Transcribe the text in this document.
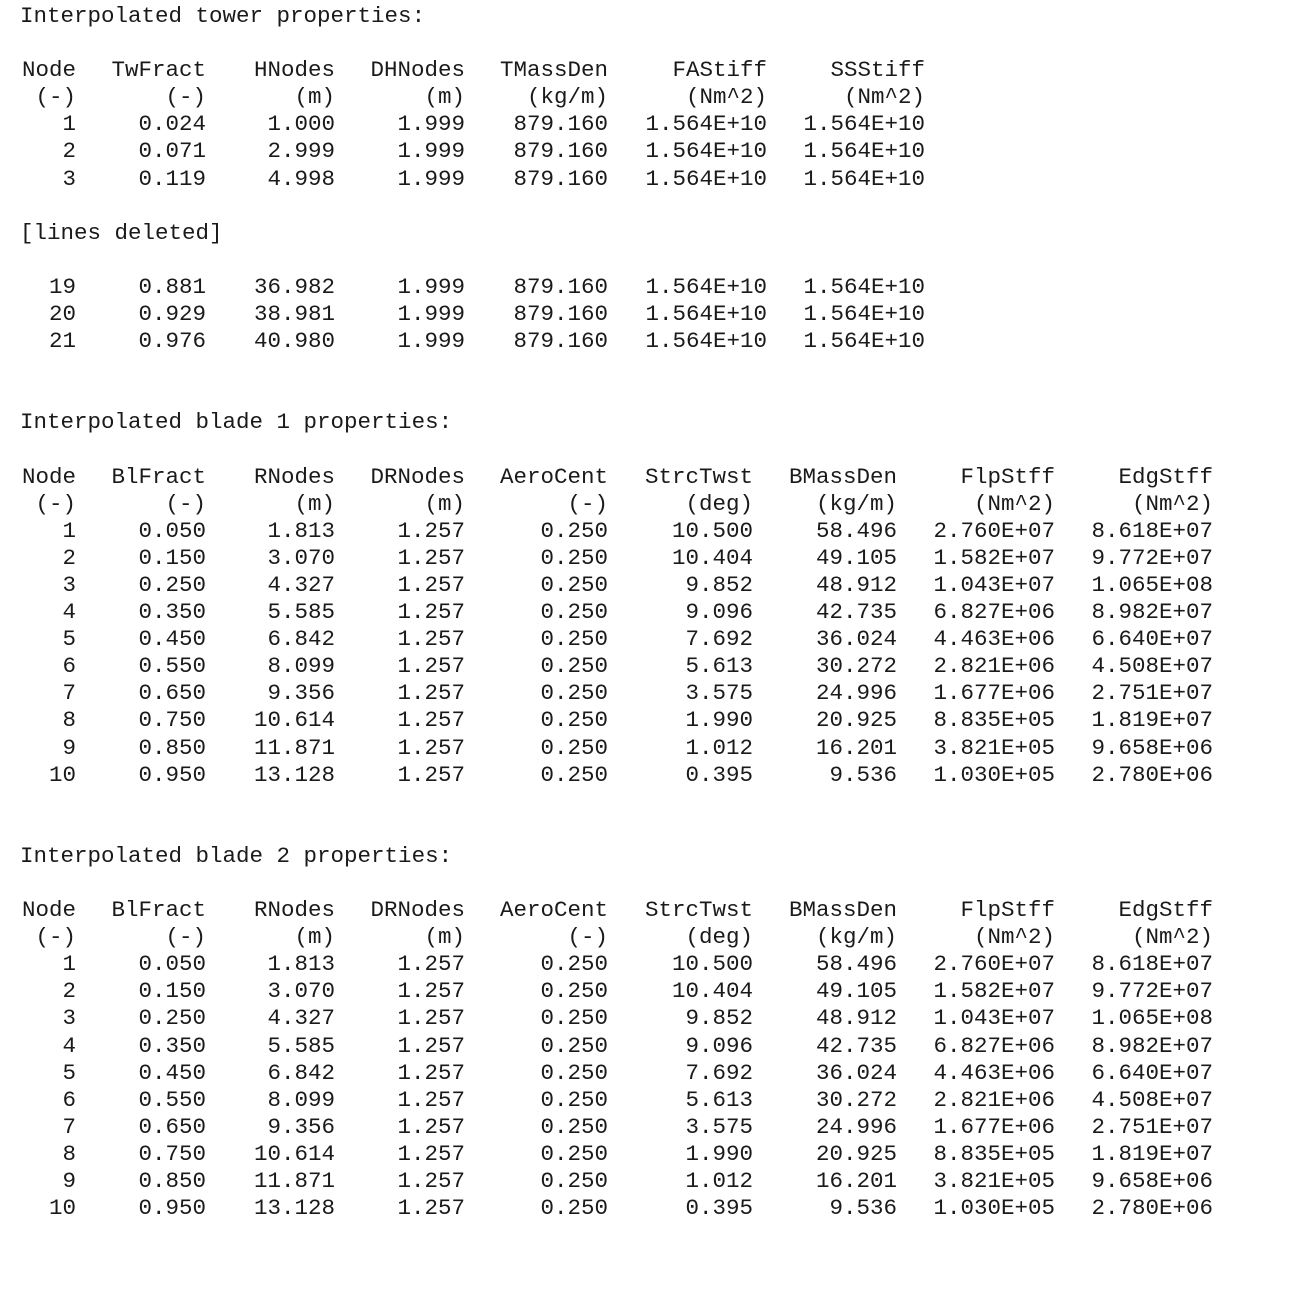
Interpolated tower properties:
Node	TwFract	HNodes	DHNodes	TMassDen	FAStiff	SSStiff
(-)	(-)	(m)	(m)	(kg/m)	(Nm^2)	(Nm^2)
1	0.024	1.000	1.999	879.160	1.564E+10	1.564E+10
2	0.071	2.999	1.999	879.160	1.564E+10	1.564E+10
3	0.119	4.998	1.999	879.160	1.564E+10	1.564E+10
[lines deleted]
19	0.881	36.982	1.999	879.160	1.564E+10	1.564E+10
20	0.929	38.981	1.999	879.160	1.564E+10	1.564E+10
21	0.976	40.980	1.999	879.160	1.564E+10	1.564E+10
Interpolated blade 1 properties:
Node	BlFract	RNodes	DRNodes	AeroCent	StrcTwst	BMassDen	FlpStff	EdgStff
(-)	(-)	(m)	(m)	(-)	(deg)	(kg/m)	(Nm^2)	(Nm^2)
1	0.050	1.813	1.257	0.250	10.500	58.496	2.760E+07	8.618E+07
2	0.150	3.070	1.257	0.250	10.404	49.105	1.582E+07	9.772E+07
3	0.250	4.327	1.257	0.250	9.852	48.912	1.043E+07	1.065E+08
4	0.350	5.585	1.257	0.250	9.096	42.735	6.827E+06	8.982E+07
5	0.450	6.842	1.257	0.250	7.692	36.024	4.463E+06	6.640E+07
6	0.550	8.099	1.257	0.250	5.613	30.272	2.821E+06	4.508E+07
7	0.650	9.356	1.257	0.250	3.575	24.996	1.677E+06	2.751E+07
8	0.750	10.614	1.257	0.250	1.990	20.925	8.835E+05	1.819E+07
9	0.850	11.871	1.257	0.250	1.012	16.201	3.821E+05	9.658E+06
10	0.950	13.128	1.257	0.250	0.395	9.536	1.030E+05	2.780E+06
Interpolated blade 2 properties:
Node	BlFract	RNodes	DRNodes	AeroCent	StrcTwst	BMassDen	FlpStff	EdgStff
(-)	(-)	(m)	(m)	(-)	(deg)	(kg/m)	(Nm^2)	(Nm^2)
1	0.050	1.813	1.257	0.250	10.500	58.496	2.760E+07	8.618E+07
2	0.150	3.070	1.257	0.250	10.404	49.105	1.582E+07	9.772E+07
3	0.250	4.327	1.257	0.250	9.852	48.912	1.043E+07	1.065E+08
4	0.350	5.585	1.257	0.250	9.096	42.735	6.827E+06	8.982E+07
5	0.450	6.842	1.257	0.250	7.692	36.024	4.463E+06	6.640E+07
6	0.550	8.099	1.257	0.250	5.613	30.272	2.821E+06	4.508E+07
7	0.650	9.356	1.257	0.250	3.575	24.996	1.677E+06	2.751E+07
8	0.750	10.614	1.257	0.250	1.990	20.925	8.835E+05	1.819E+07
9	0.850	11.871	1.257	0.250	1.012	16.201	3.821E+05	9.658E+06
10	0.950	13.128	1.257	0.250	0.395	9.536	1.030E+05	2.780E+06
